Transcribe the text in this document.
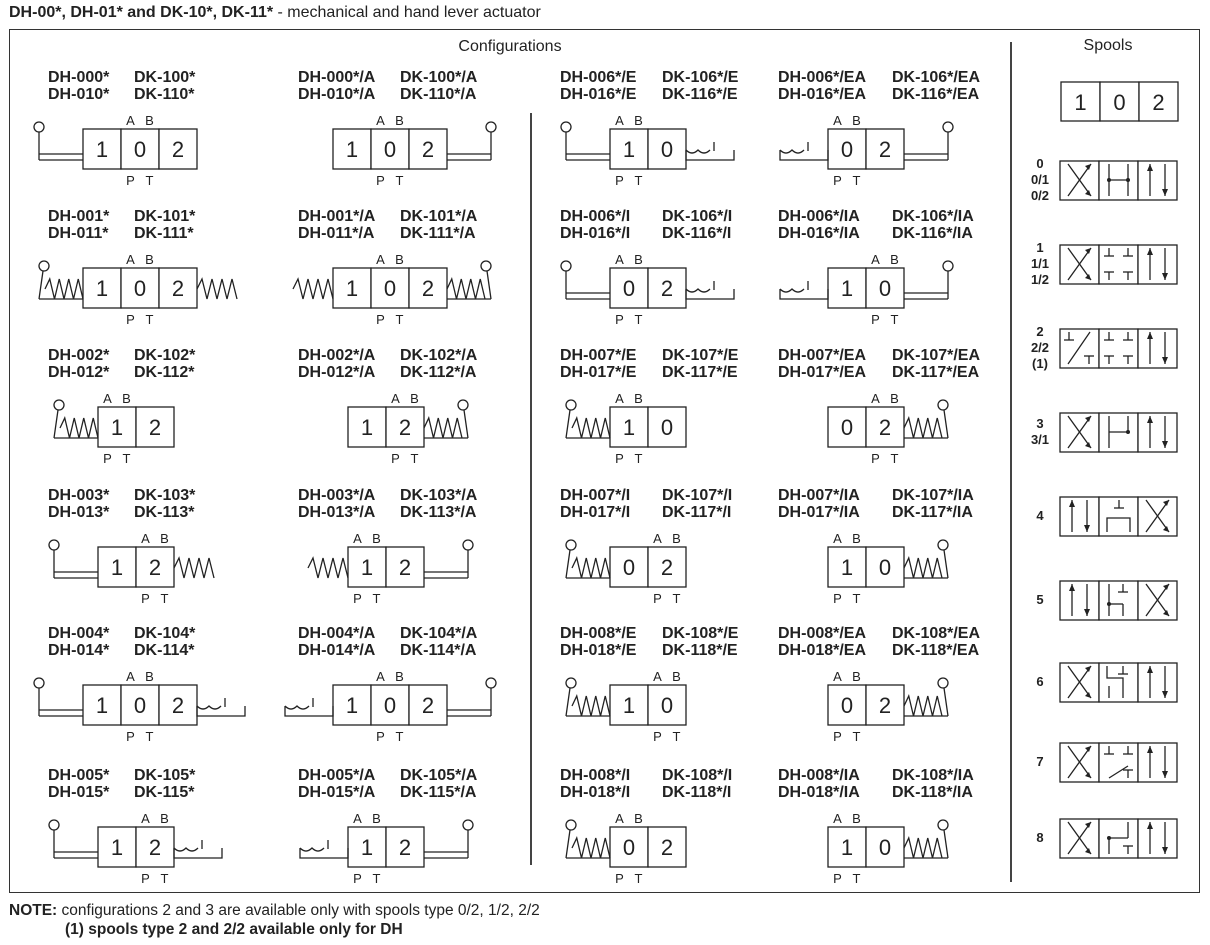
DH-00*, DH-01* and DK-10*, DK-11* - mechanical and hand lever actuator
Configurations	Spools
DH-000* DK-100*
DH-010* DK-110*
1 0 2
A B
P T
DH-000*/A DK-100*/A
DH-010*/A DK-110*/A
1 0 2
A B
P T
DH-006*/E DK-106*/E
DH-016*/E DK-116*/E
1 0
A B
P T
DH-006*/EA DK-106*/EA
DH-016*/EA DK-116*/EA
0 2
A B
P T
DH-001* DK-101*
DH-011* DK-111*
1 0 2
A B
P T
DH-001*/A DK-101*/A
DH-011*/A DK-111*/A
1 0 2
A B
P T
DH-006*/I DK-106*/I
DH-016*/I DK-116*/I
0 2
A B
P T
DH-006*/IA DK-106*/IA
DH-016*/IA DK-116*/IA
1 0
A B
P T
DH-002* DK-102*
DH-012* DK-112*
1 2
A B
P T
DH-002*/A DK-102*/A
DH-012*/A DK-112*/A
1 2
A B
P T
DH-007*/E DK-107*/E
DH-017*/E DK-117*/E
1 0
A B
P T
DH-007*/EA DK-107*/EA
DH-017*/EA DK-117*/EA
0 2
A B
P T
DH-003* DK-103*
DH-013* DK-113*
1 2
A B
P T
DH-003*/A DK-103*/A
DH-013*/A DK-113*/A
1 2
A B
P T
DH-007*/I DK-107*/I
DH-017*/I DK-117*/I
0 2
A B
P T
DH-007*/IA DK-107*/IA
DH-017*/IA DK-117*/IA
1 0
A B
P T
DH-004* DK-104*
DH-014* DK-114*
1 0 2
A B
P T
DH-004*/A DK-104*/A
DH-014*/A DK-114*/A
1 0 2
A B
P T
DH-008*/E DK-108*/E
DH-018*/E DK-118*/E
1 0
A B
P T
DH-008*/EA DK-108*/EA
DH-018*/EA DK-118*/EA
0 2
A B
P T
DH-005* DK-105*
DH-015* DK-115*
1 2
A B
P T
DH-005*/A DK-105*/A
DH-015*/A DK-115*/A
1 2
A B
P T
DH-008*/I DK-108*/I
DH-018*/I DK-118*/I
0 2
A B
P T
DH-008*/IA DK-108*/IA
DH-018*/IA DK-118*/IA
1 0
A B
P T
1 0 2
0
0/1
0/2
1
1/1
1/2
2
2/2
(1)
3
3/1
4
5
6
7
8
NOTE: configurations 2 and 3 are available only with spools type 0/2, 1/2, 2/2
(1) spools type 2 and 2/2 available only for DH
